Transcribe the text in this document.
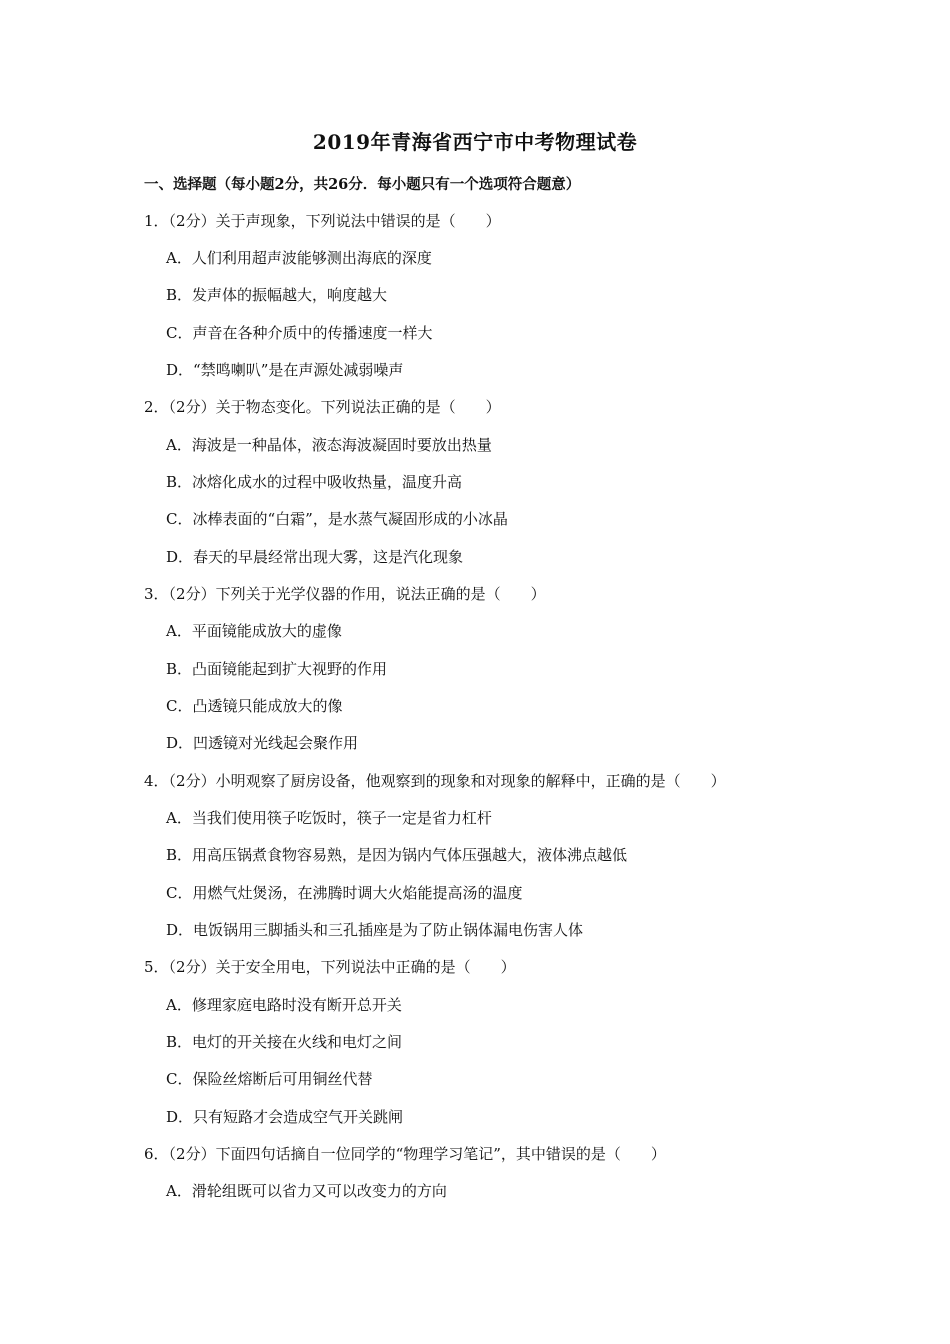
2019年青海省西宁市中考物理试卷
一、选择题（每小题2分，共26分．每小题只有一个选项符合题意）
1．（2分）关于声现象，下列说法中错误的是（　　）
A．人们利用超声波能够测出海底的深度
B．发声体的振幅越大，响度越大
C．声音在各种介质中的传播速度一样大
D．“禁鸣喇叭”是在声源处减弱噪声
2．（2分）关于物态变化。下列说法正确的是（　　）
A．海波是一种晶体，液态海波凝固时要放出热量
B．冰熔化成水的过程中吸收热量，温度升高
C．冰棒表面的“白霜”，是水蒸气凝固形成的小冰晶
D．春天的早晨经常出现大雾，这是汽化现象
3．（2分）下列关于光学仪器的作用，说法正确的是（　　）
A．平面镜能成放大的虚像
B．凸面镜能起到扩大视野的作用
C．凸透镜只能成放大的像
D．凹透镜对光线起会聚作用
4．（2分）小明观察了厨房设备，他观察到的现象和对现象的解释中，正确的是（　　）
A．当我们使用筷子吃饭时，筷子一定是省力杠杆
B．用高压锅煮食物容易熟，是因为锅内气体压强越大，液体沸点越低
C．用燃气灶煲汤，在沸腾时调大火焰能提高汤的温度
D．电饭锅用三脚插头和三孔插座是为了防止锅体漏电伤害人体
5．（2分）关于安全用电，下列说法中正确的是（　　）
A．修理家庭电路时没有断开总开关
B．电灯的开关接在火线和电灯之间
C．保险丝熔断后可用铜丝代替
D．只有短路才会造成空气开关跳闸
6．（2分）下面四句话摘自一位同学的“物理学习笔记”，其中错误的是（　　）
A．滑轮组既可以省力又可以改变力的方向
